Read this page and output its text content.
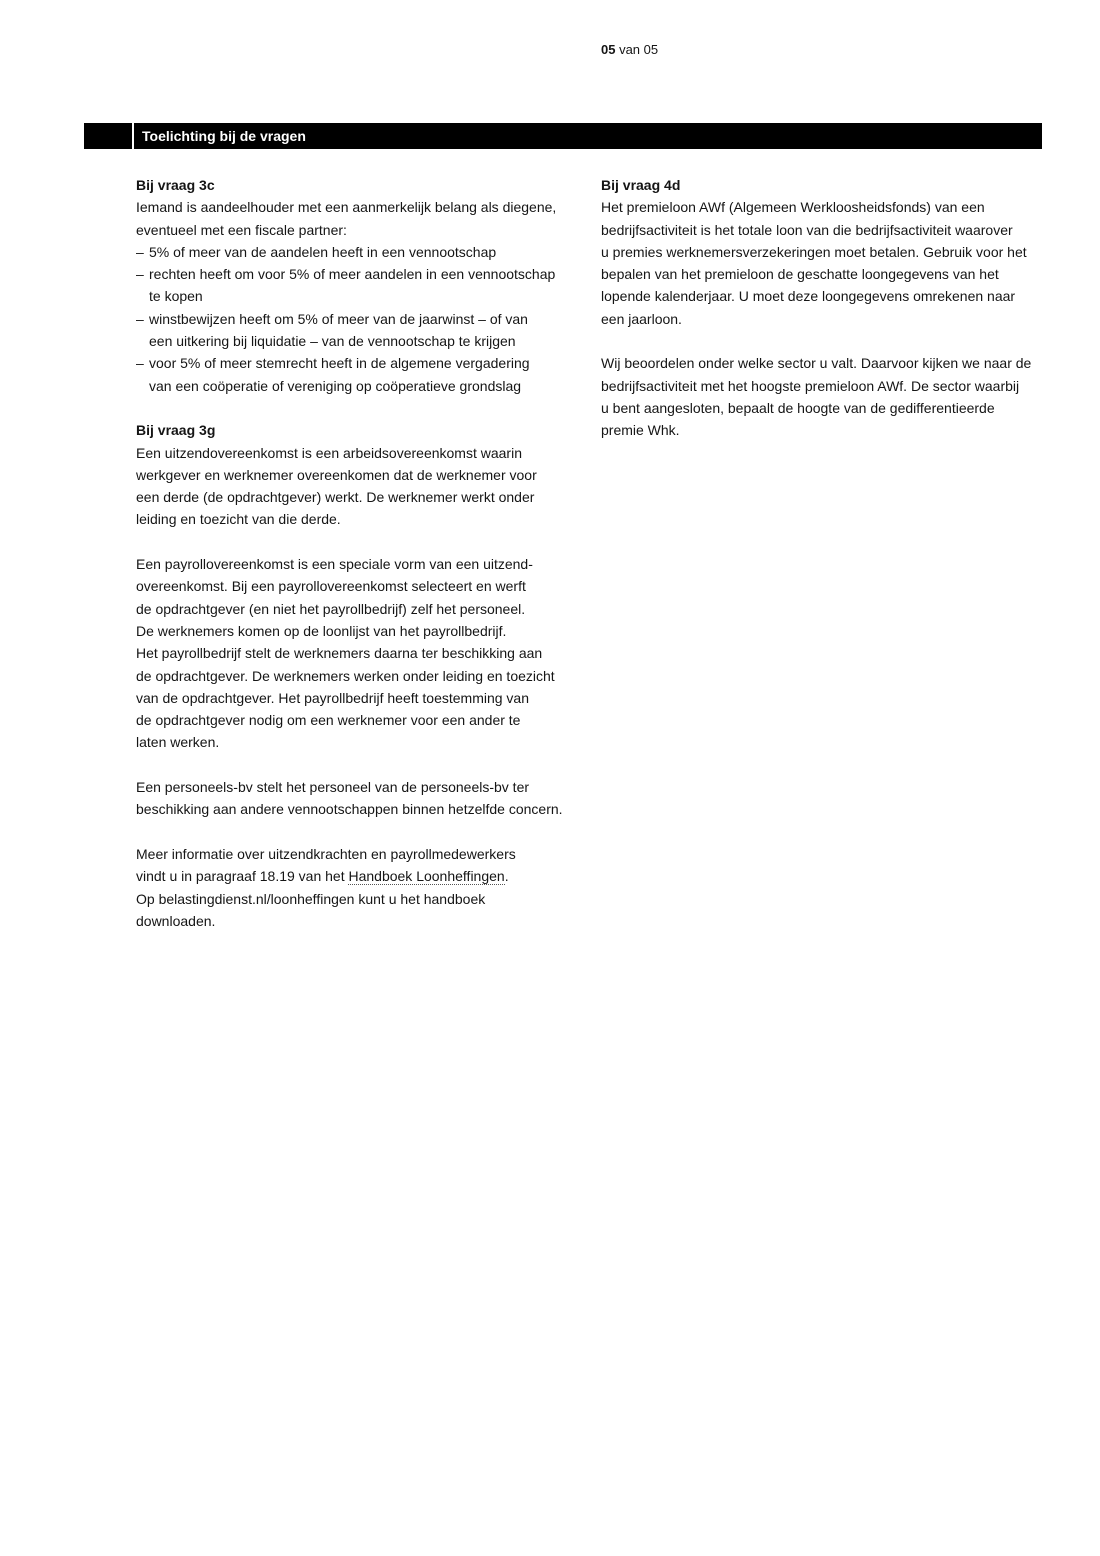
05 van 05
Toelichting bij de vragen
Bij vraag 3c

Iemand is aandeelhouder met een aanmerkelijk belang als diegene,
eventueel met een fiscale partner:

– 5% of meer van de aandelen heeft in een vennootschap
– rechten heeft om voor 5% of meer aandelen in een vennootschap
te kopen
– winstbewijzen heeft om 5% of meer van de jaarwinst – of van
een uitkering bij liquidatie – van de vennootschap te krijgen
– voor 5% of meer stemrecht heeft in de algemene vergadering
van een coöperatie of vereniging op coöperatieve grondslag
Bij vraag 3g

Een uitzendovereenkomst is een arbeidsovereenkomst waarin
werkgever en werknemer overeenkomen dat de werknemer voor
een derde (de opdrachtgever) werkt. De werknemer werkt onder
leiding en toezicht van die derde.

Een payrollovereenkomst is een speciale vorm van een uitzend-
overeenkomst. Bij een payrollovereenkomst selecteert en werft
de opdrachtgever (en niet het payrollbedrijf) zelf het personeel.
De werknemers komen op de loonlijst van het payrollbedrijf.
Het payrollbedrijf stelt de werknemers daarna ter beschikking aan
de opdrachtgever. De werknemers werken onder leiding en toezicht
van de opdrachtgever. Het payrollbedrijf heeft toestemming van
de opdrachtgever nodig om een werknemer voor een ander te
laten werken.

Een personeels-bv stelt het personeel van de personeels-bv ter
beschikking aan andere vennootschappen binnen hetzelfde concern.

Meer informatie over uitzendkrachten en payrollmedewerkers
vindt u in paragraaf 18.19 van het Handboek Loonheffingen.
Op belastingdienst.nl/loonheffingen kunt u het handboek
downloaden.

Bij vraag 4d

Het premieloon AWf (Algemeen Werkloosheidsfonds) van een
bedrijfsactiviteit is het totale loon van die bedrijfsactiviteit waarover
u premies werknemersverzekeringen moet betalen. Gebruik voor het
bepalen van het premieloon de geschatte loongegevens van het
lopende kalenderjaar. U moet deze loongegevens omrekenen naar
een jaarloon.

Wij beoordelen onder welke sector u valt. Daarvoor kijken we naar de
bedrijfsactiviteit met het hoogste premieloon AWf. De sector waarbij
u bent aangesloten, bepaalt de hoogte van de gedifferentieerde
premie Whk.
